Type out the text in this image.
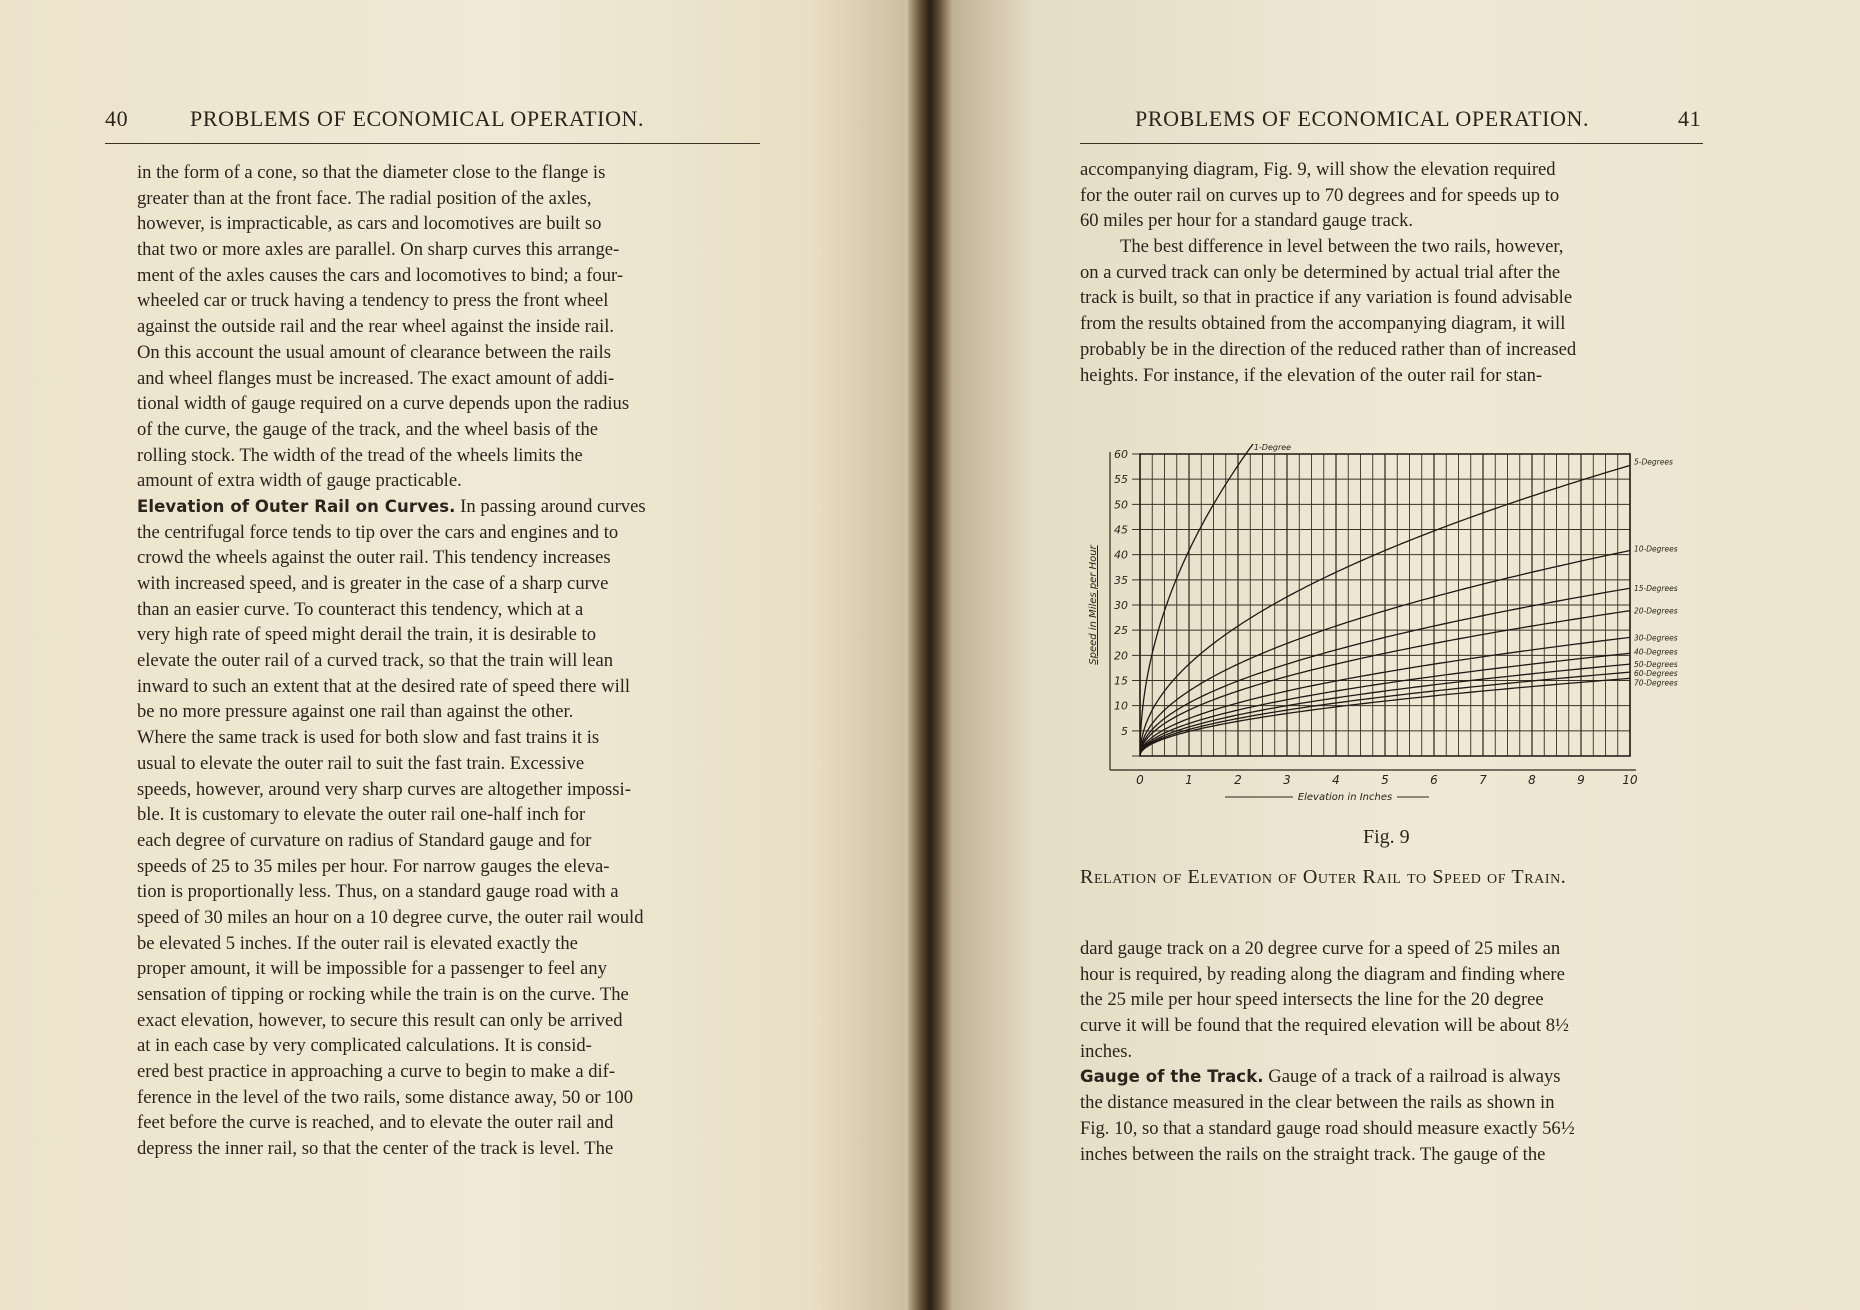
40	PROBLEMS OF ECONOMICAL OPERATION.
in the form of a cone, so that the diameter close to the flange is
greater than at the front face. The radial position of the axles,
however, is impracticable, as cars and locomotives are built so
that two or more axles are parallel. On sharp curves this arrange-
ment of the axles causes the cars and locomotives to bind; a four-
wheeled car or truck having a tendency to press the front wheel
against the outside rail and the rear wheel against the inside rail.
On this account the usual amount of clearance between the rails
and wheel flanges must be increased. The exact amount of addi-
tional width of gauge required on a curve depends upon the radius
of the curve, the gauge of the track, and the wheel basis of the
rolling stock. The width of the tread of the wheels limits the
amount of extra width of gauge practicable.
Elevation of Outer Rail on Curves. In passing around curves
the centrifugal force tends to tip over the cars and engines and to
crowd the wheels against the outer rail. This tendency increases
with increased speed, and is greater in the case of a sharp curve
than an easier curve. To counteract this tendency, which at a
very high rate of speed might derail the train, it is desirable to
elevate the outer rail of a curved track, so that the train will lean
inward to such an extent that at the desired rate of speed there will
be no more pressure against one rail than against the other.
Where the same track is used for both slow and fast trains it is
usual to elevate the outer rail to suit the fast train. Excessive
speeds, however, around very sharp curves are altogether impossi-
ble. It is customary to elevate the outer rail one-half inch for
each degree of curvature on radius of Standard gauge and for
speeds of 25 to 35 miles per hour. For narrow gauges the eleva-
tion is proportionally less. Thus, on a standard gauge road with a
speed of 30 miles an hour on a 10 degree curve, the outer rail would
be elevated 5 inches. If the outer rail is elevated exactly the
proper amount, it will be impossible for a passenger to feel any
sensation of tipping or rocking while the train is on the curve. The
exact elevation, however, to secure this result can only be arrived
at in each case by very complicated calculations. It is consid-
ered best practice in approaching a curve to begin to make a dif-
ference in the level of the two rails, some distance away, 50 or 100
feet before the curve is reached, and to elevate the outer rail and
depress the inner rail, so that the center of the track is level. The
PROBLEMS OF ECONOMICAL OPERATION.	41
accompanying diagram, Fig. 9, will show the elevation required
for the outer rail on curves up to 70 degrees and for speeds up to
60 miles per hour for a standard gauge track.
The best difference in level between the two rails, however,
on a curved track can only be determined by actual trial after the
track is built, so that in practice if any variation is found advisable
from the results obtained from the accompanying diagram, it will
probably be in the direction of the reduced rather than of increased
heights. For instance, if the elevation of the outer rail for stan-
5
10
15
20
25
30
35
40
45
50
55
60
0	1	2	3	4	5	6	7	8	9	10
Elevation in Inches
Speed in Miles per Hour
1-Degree
5-Degrees
10-Degrees
15-Degrees
20-Degrees
30-Degrees
40-Degrees
50-Degrees
60-Degrees
70-Degrees
Fig. 9
Relation of Elevation of Outer Rail to Speed of Train.
dard gauge track on a 20 degree curve for a speed of 25 miles an
hour is required, by reading along the diagram and finding where
the 25 mile per hour speed intersects the line for the 20 degree
curve it will be found that the required elevation will be about 8½
inches.
Gauge of the Track. Gauge of a track of a railroad is always
the distance measured in the clear between the rails as shown in
Fig. 10, so that a standard gauge road should measure exactly 56½
inches between the rails on the straight track. The gauge of the
